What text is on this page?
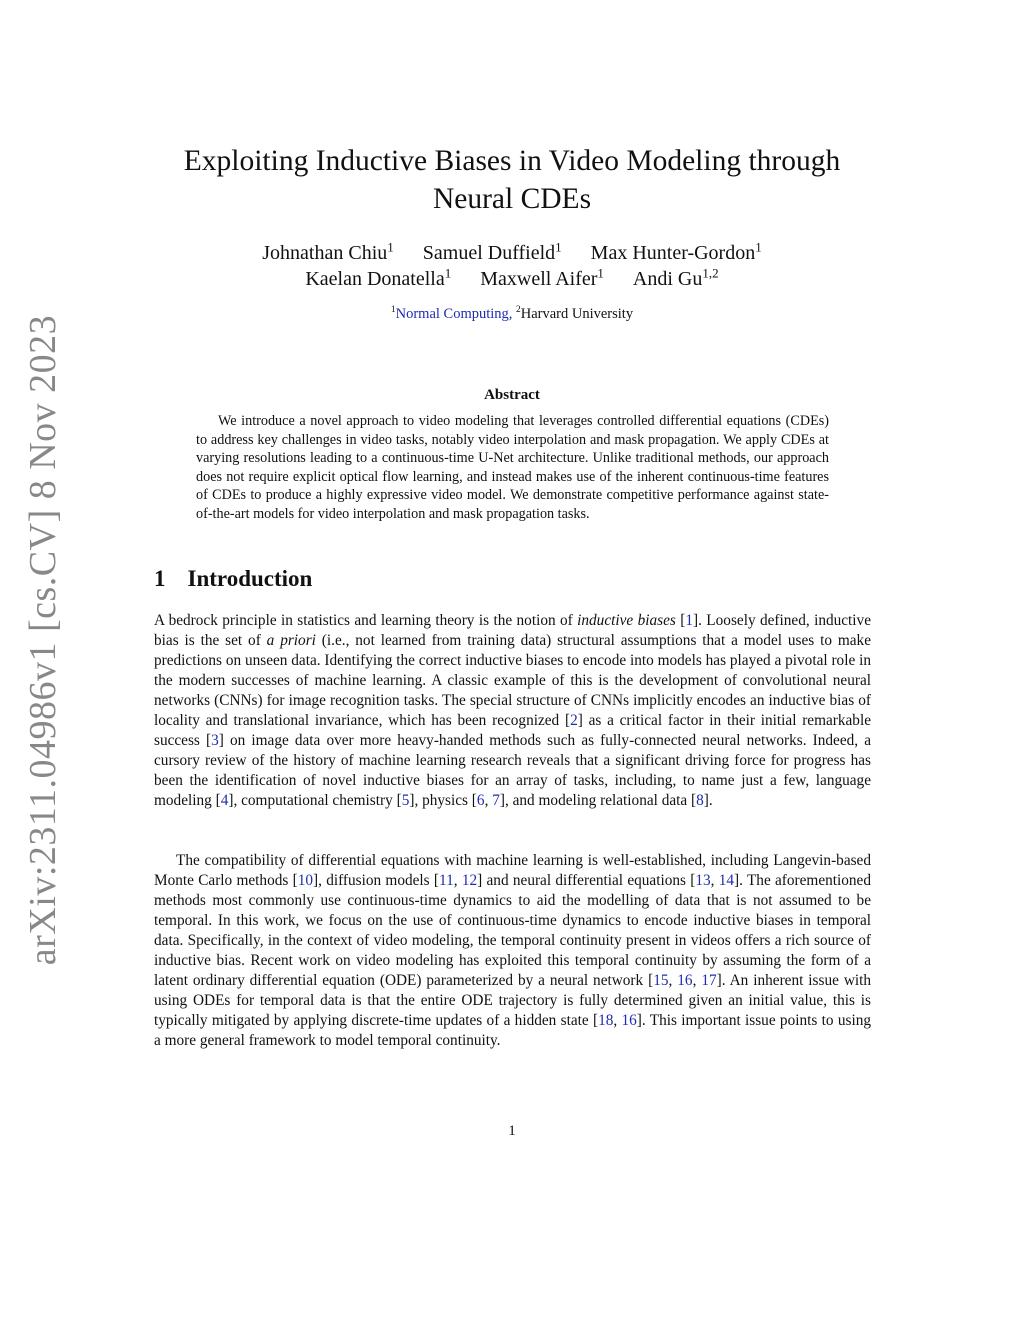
arXiv:2311.04986v1 [cs.CV] 8 Nov 2023
Exploiting Inductive Biases in Video Modeling through
Neural CDEs
Johnathan Chiu$^1$ Samuel Duffield$^1$ Max Hunter-Gordon$^1$
Kaelan Donatella$^1$ Maxwell Aifer$^1$ Andi Gu$^{1,2}$
$^1$Normal Computing, $^2$Harvard University
Abstract

We introduce a novel approach to video modeling that leverages controlled differential equations (CDEs) to address key challenges in video tasks, notably video interpolation and mask propagation. We apply CDEs at varying resolutions leading to a continuous-time U-Net architecture. Unlike traditional methods, our approach does not require explicit optical flow learning, and instead makes use of the inherent continuous-time features of CDEs to produce a highly expressive video model. We demonstrate competitive performance against state-of-the-art models for video interpolation and mask propagation tasks.

1 Introduction

A bedrock principle in statistics and learning theory is the notion of inductive biases [1]. Loosely defined, inductive bias is the set of a priori (i.e., not learned from training data) structural assumptions that a model uses to make predictions on unseen data. Identifying the correct inductive biases to encode into models has played a pivotal role in the modern successes of machine learning. A classic example of this is the development of convolutional neural networks (CNNs) for image recognition tasks. The special structure of CNNs implicitly encodes an inductive bias of locality and translational invariance, which has been recognized [2] as a critical factor in their initial remarkable success [3] on image data over more heavy-handed methods such as fully-connected neural networks. Indeed, a cursory review of the history of machine learning research reveals that a significant driving force for progress has been the identification of novel inductive biases for an array of tasks, including, to name just a few, language modeling [4], computational chemistry [5], physics [6, 7], and modeling relational data [8].

The compatibility of differential equations with machine learning is well-established, including Langevin-based Monte Carlo methods [10], diffusion models [11, 12] and neural differential equations [13, 14]. The aforementioned methods most commonly use continuous-time dynamics to aid the modelling of data that is not assumed to be temporal. In this work, we focus on the use of continuous-time dynamics to encode inductive biases in temporal data. Specifically, in the context of video modeling, the temporal continuity present in videos offers a rich source of inductive bias. Recent work on video modeling has exploited this temporal continuity by assuming the form of a latent ordinary differential equation (ODE) parameterized by a neural network [15, 16, 17]. An inherent issue with using ODEs for temporal data is that the entire ODE trajectory is fully determined given an initial value, this is typically mitigated by applying discrete-time updates of a hidden state [18, 16]. This important issue points to using a more general framework to model temporal continuity.

1
